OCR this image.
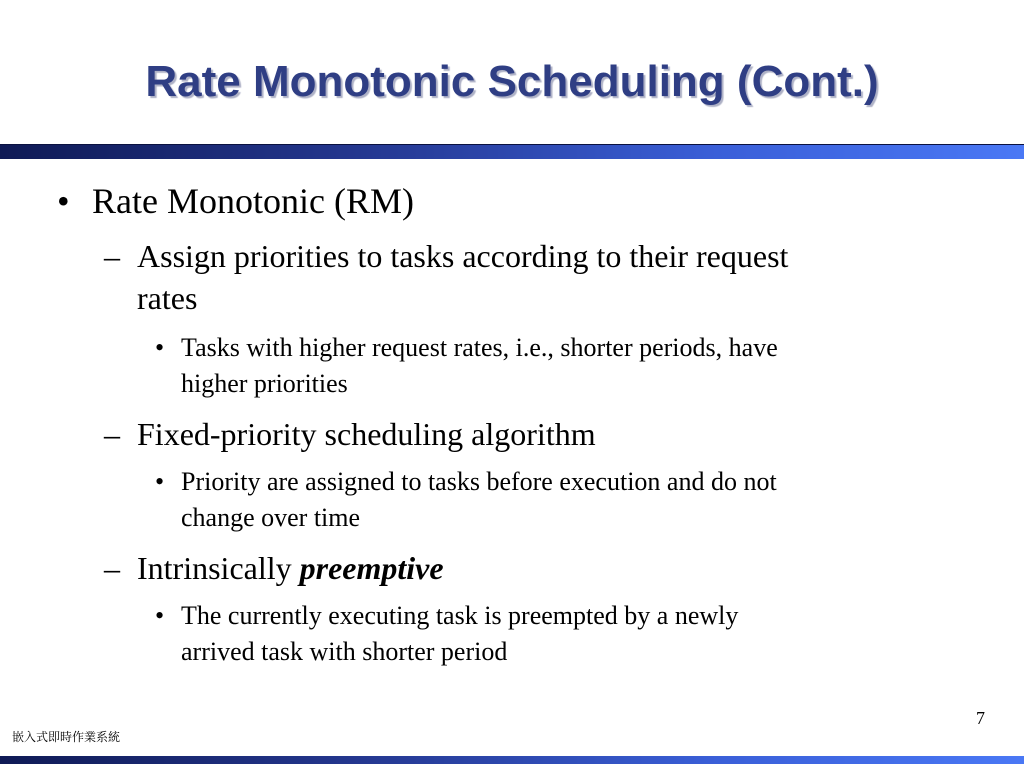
Rate Monotonic Scheduling (Cont.)
• Rate Monotonic (RM)
– Assign priorities to tasks according to their request
rates
• Tasks with higher request rates, i.e., shorter periods, have
higher priorities
– Fixed-priority scheduling algorithm
• Priority are assigned to tasks before execution and do not
change over time
– Intrinsically preemptive
• The currently executing task is preempted by a newly
arrived task with shorter period
7
嵌入式即時作業系統
